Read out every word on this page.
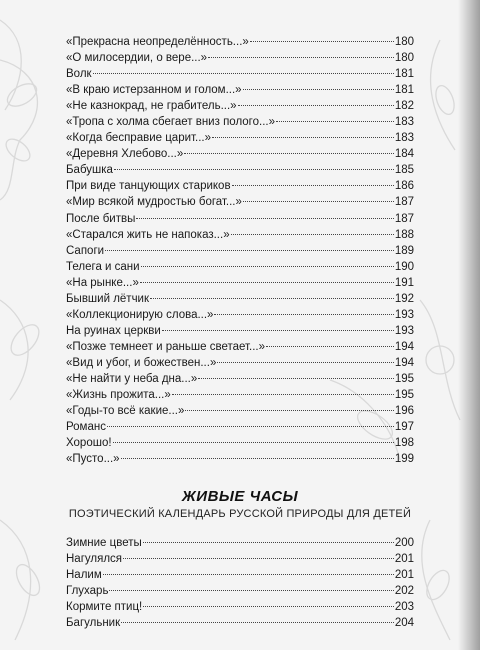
«Прекрасна неопределённость...»	180
«О милосердии, о вере...»	180
Волк	181
«В краю истерзанном и голом...»	181
«Не казнокрад, не грабитель...»	182
«Тропа с холма сбегает вниз полого...»	183
«Когда бесправие царит...»	183
«Деревня Хлебово...»	184
Бабушка	185
При виде танцующих стариков	186
«Мир всякой мудростью богат...»	187
После битвы	187
«Старался жить не напоказ...»	188
Сапоги	189
Телега и сани	190
«На рынке...»	191
Бывший лётчик	192
«Коллекционирую слова...»	193
На руинах церкви	193
«Позже темнеет и раньше светает...»	194
«Вид и убог, и божествен...»	194
«Не найти у неба дна...»	195
«Жизнь прожита...»	195
«Годы-то всё какие...»	196
Романс	197
Хорошо!	198
«Пусто...»	199
ЖИВЫЕ ЧАСЫ
ПОЭТИЧЕСКИЙ КАЛЕНДАРЬ РУССКОЙ ПРИРОДЫ ДЛЯ ДЕТЕЙ
Зимние цветы	200
Нагулялся	201
Налим	201
Глухарь	202
Кормите птиц!	203
Багульник	204
